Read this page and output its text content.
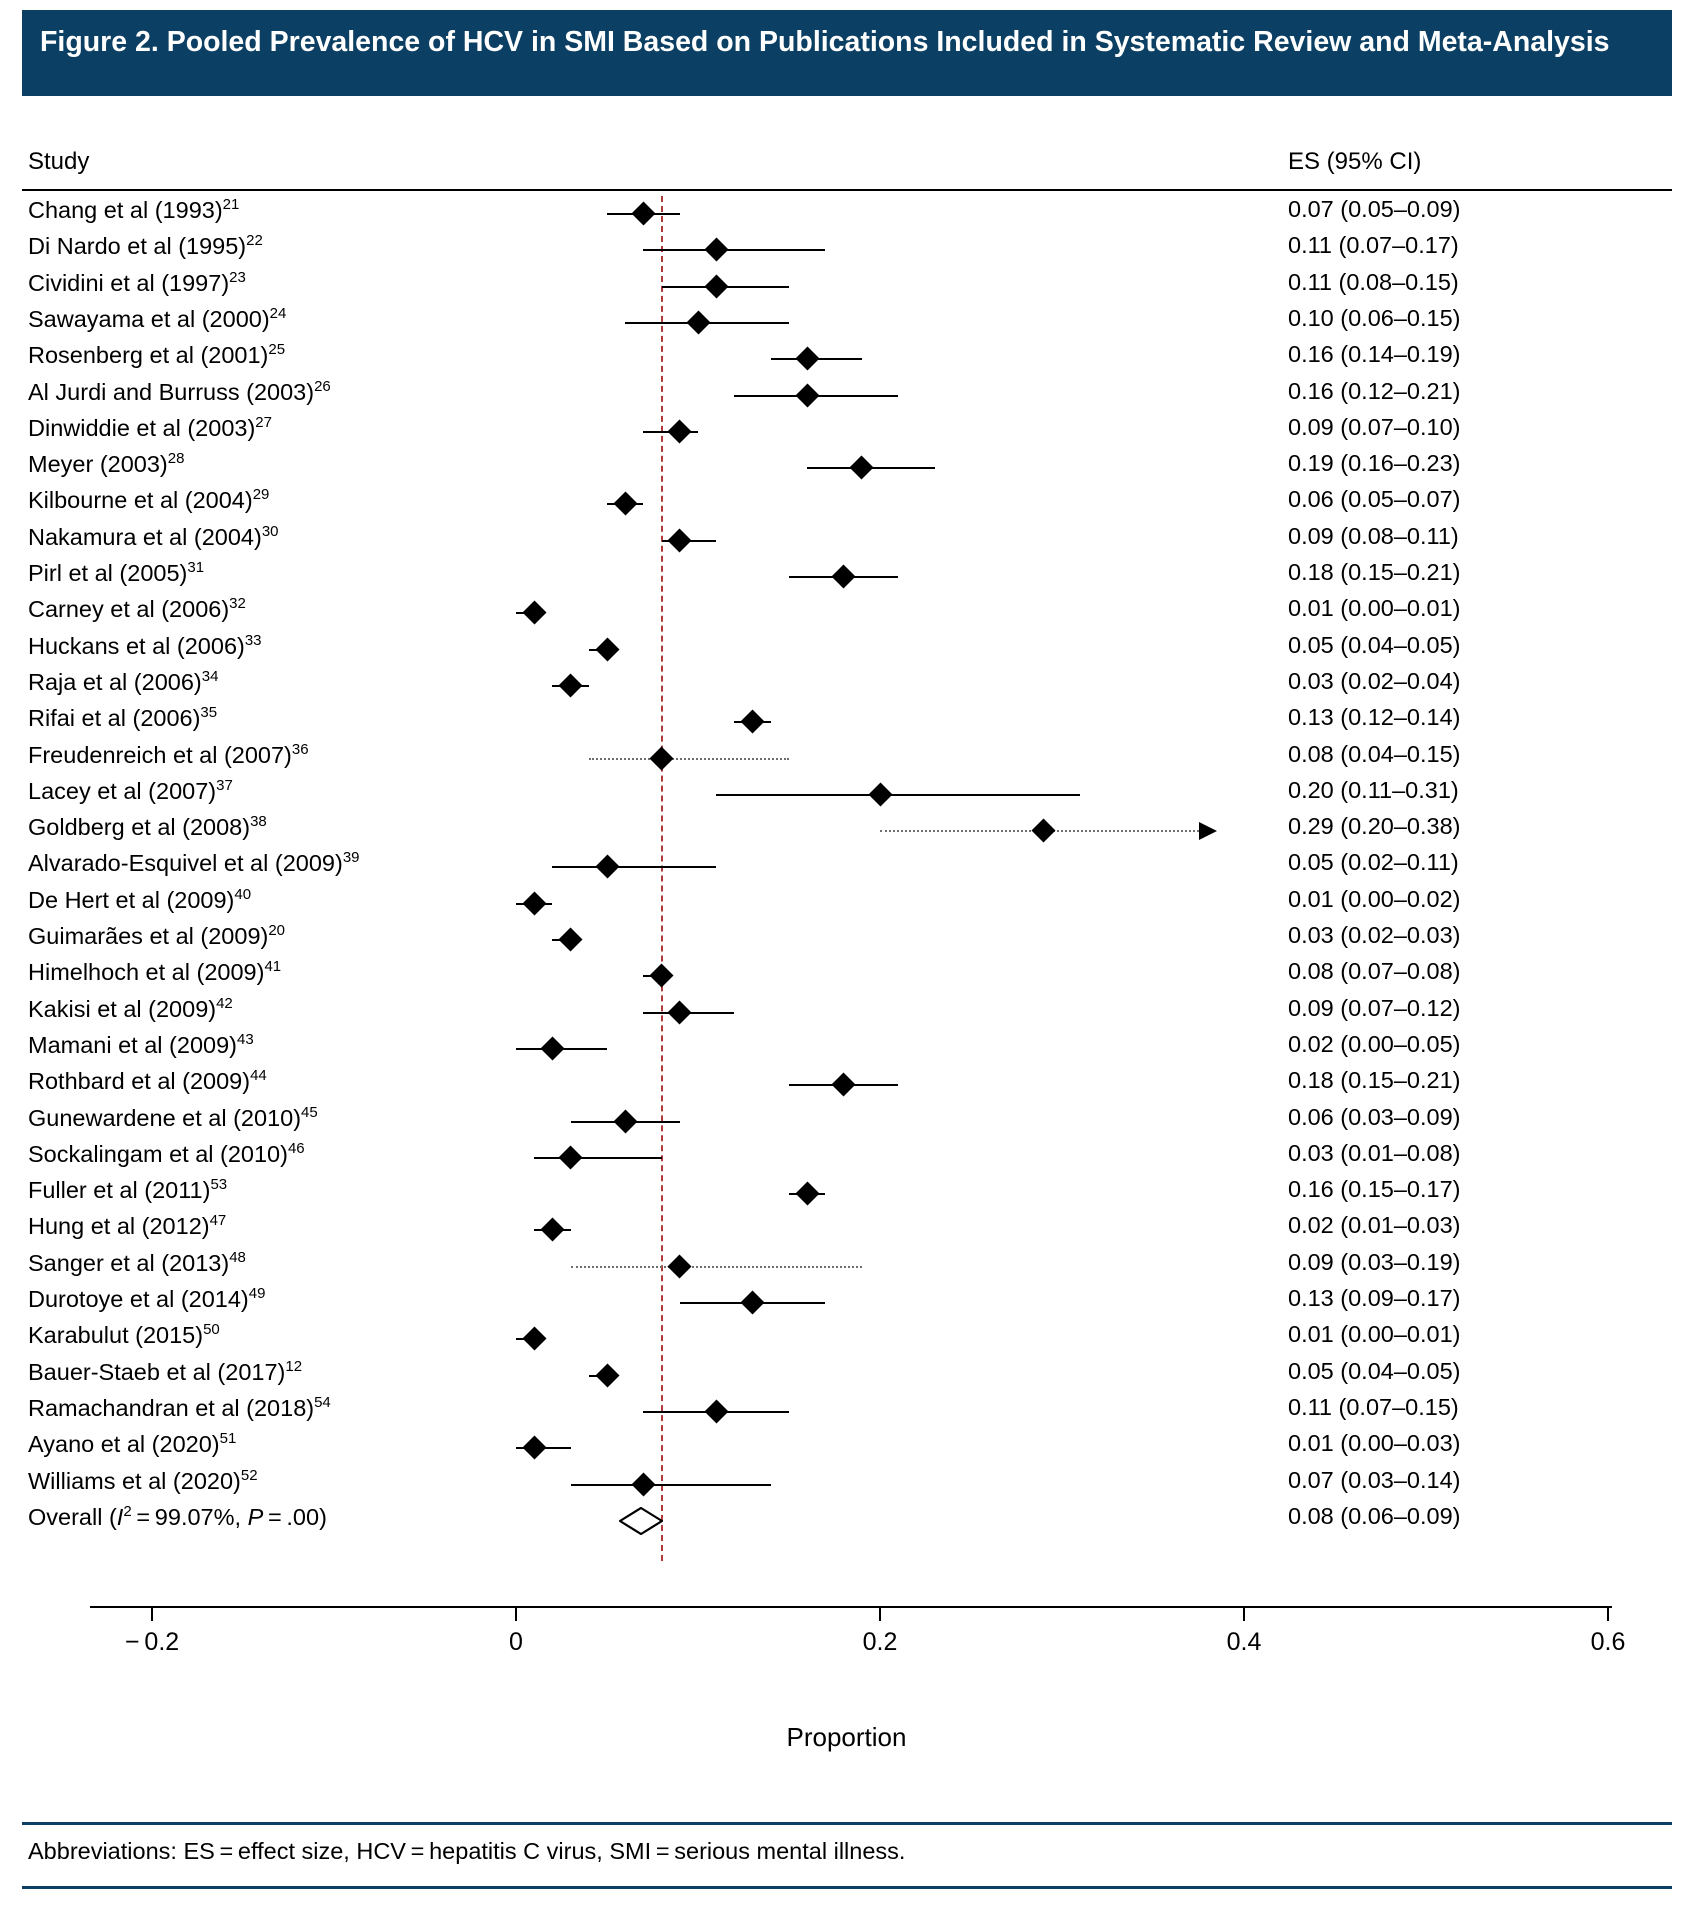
Figure 2. Pooled Prevalence of HCV in SMI Based on Publications Included in Systematic Review and Meta-Analysis
Study	ES (95% CI)
Chang et al $(1993)^{21}$	0.07 (0.05–0.09)
Di Nardo et al $(1995)^{22}$	0.11 (0.07–0.17)
Cividini et al $(1997)^{23}$	0.11 (0.08–0.15)
Sawayama et al $(2000)^{24}$	0.10 (0.06–0.15)
Rosenberg et al $(2001)^{25}$	0.16 (0.14–0.19)
Al Jurdi and Burruss $(2003)^{26}$	0.16 (0.12–0.21)
Dinwiddie et al $(2003)^{27}$	0.09 (0.07–0.10)
Meyer $(2003)^{28}$	0.19 (0.16–0.23)
Kilbourne et al $(2004)^{29}$	0.06 (0.05–0.07)
Nakamura et al $(2004)^{30}$	0.09 (0.08–0.11)
Pirl et al $(2005)^{31}$	0.18 (0.15–0.21)
Carney et al $(2006)^{32}$	0.01 (0.00–0.01)
Huckans et al $(2006)^{33}$	0.05 (0.04–0.05)
Raja et al $(2006)^{34}$	0.03 (0.02–0.04)
Rifai et al $(2006)^{35}$	0.13 (0.12–0.14)
Freudenreich et al $(2007)^{36}$	0.08 (0.04–0.15)
Lacey et al $(2007)^{37}$	0.20 (0.11–0.31)
Goldberg et al $(2008)^{38}$	0.29 (0.20–0.38)
Alvarado-Esquivel et al $(2009)^{39}$	0.05 (0.02–0.11)
De Hert et al $(2009)^{40}$	0.01 (0.00–0.02)
Guimarães et al $(2009)^{20}$	0.03 (0.02–0.03)
Himelhoch et al $(2009)^{41}$	0.08 (0.07–0.08)
Kakisi et al $(2009)^{42}$	0.09 (0.07–0.12)
Mamani et al $(2009)^{43}$	0.02 (0.00–0.05)
Rothbard et al $(2009)^{44}$	0.18 (0.15–0.21)
Gunewardene et al $(2010)^{45}$	0.06 (0.03–0.09)
Sockalingam et al $(2010)^{46}$	0.03 (0.01–0.08)
Fuller et al $(2011)^{53}$	0.16 (0.15–0.17)
Hung et al $(2012)^{47}$	0.02 (0.01–0.03)
Sanger et al $(2013)^{48}$	0.09 (0.03–0.19)
Durotoye et al $(2014)^{49}$	0.13 (0.09–0.17)
Karabulut $(2015)^{50}$	0.01 (0.00–0.01)
Bauer-Staeb et al $(2017)^{12}$	0.05 (0.04–0.05)
Ramachandran et al $(2018)^{54}$	0.11 (0.07–0.15)
Ayano et al $(2020)^{51}$	0.01 (0.00–0.03)
Williams et al $(2020)^{52}$	0.07 (0.03–0.14)
Overall ($I^2 = 99.07\%$, P = .00)	0.08 (0.06–0.09)
− 0.2	0	0.2	0.4	0.6
Proportion
Abbreviations: ES = effect size, HCV = hepatitis C virus, SMI = serious mental illness.
